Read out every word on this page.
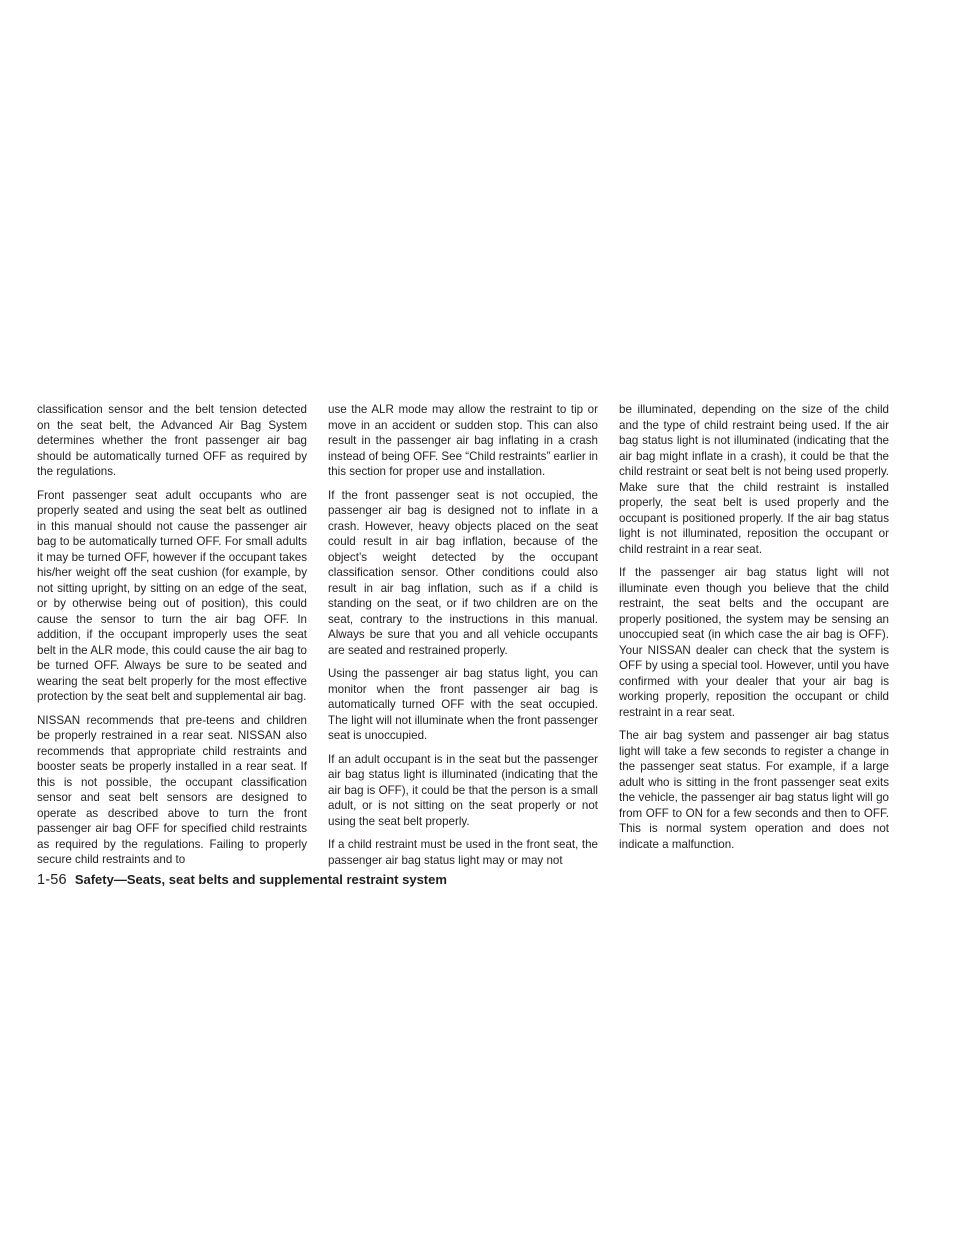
classification sensor and the belt tension detected on the seat belt, the Advanced Air Bag System determines whether the front passenger air bag should be automatically turned OFF as required by the regulations.

Front passenger seat adult occupants who are properly seated and using the seat belt as outlined in this manual should not cause the passenger air bag to be automatically turned OFF. For small adults it may be turned OFF, however if the occupant takes his/her weight off the seat cushion (for example, by not sitting upright, by sitting on an edge of the seat, or by otherwise being out of position), this could cause the sensor to turn the air bag OFF. In addition, if the occupant improperly uses the seat belt in the ALR mode, this could cause the air bag to be turned OFF. Always be sure to be seated and wearing the seat belt properly for the most effective protection by the seat belt and supplemental air bag.

NISSAN recommends that pre-teens and children be properly restrained in a rear seat. NISSAN also recommends that appropriate child restraints and booster seats be properly installed in a rear seat. If this is not possible, the occupant classification sensor and seat belt sensors are designed to operate as described above to turn the front passenger air bag OFF for specified child restraints as required by the regulations. Failing to properly secure child restraints and to

use the ALR mode may allow the restraint to tip or move in an accident or sudden stop. This can also result in the passenger air bag inflating in a crash instead of being OFF. See “Child restraints” earlier in this section for proper use and installation.

If the front passenger seat is not occupied, the passenger air bag is designed not to inflate in a crash. However, heavy objects placed on the seat could result in air bag inflation, because of the object’s weight detected by the occupant classification sensor. Other conditions could also result in air bag inflation, such as if a child is standing on the seat, or if two children are on the seat, contrary to the instructions in this manual. Always be sure that you and all vehicle occupants are seated and restrained properly.

Using the passenger air bag status light, you can monitor when the front passenger air bag is automatically turned OFF with the seat occupied. The light will not illuminate when the front passenger seat is unoccupied.

If an adult occupant is in the seat but the passenger air bag status light is illuminated (indicating that the air bag is OFF), it could be that the person is a small adult, or is not sitting on the seat properly or not using the seat belt properly.

If a child restraint must be used in the front seat, the passenger air bag status light may or may not

be illuminated, depending on the size of the child and the type of child restraint being used. If the air bag status light is not illuminated (indicating that the air bag might inflate in a crash), it could be that the child restraint or seat belt is not being used properly. Make sure that the child restraint is installed properly, the seat belt is used properly and the occupant is positioned properly. If the air bag status light is not illuminated, reposition the occupant or child restraint in a rear seat.

If the passenger air bag status light will not illuminate even though you believe that the child restraint, the seat belts and the occupant are properly positioned, the system may be sensing an unoccupied seat (in which case the air bag is OFF). Your NISSAN dealer can check that the system is OFF by using a special tool. However, until you have confirmed with your dealer that your air bag is working properly, reposition the occupant or child restraint in a rear seat.

The air bag system and passenger air bag status light will take a few seconds to register a change in the passenger seat status. For example, if a large adult who is sitting in the front passenger seat exits the vehicle, the passenger air bag status light will go from OFF to ON for a few seconds and then to OFF. This is normal system operation and does not indicate a malfunction.

1-56 Safety—Seats, seat belts and supplemental restraint system
